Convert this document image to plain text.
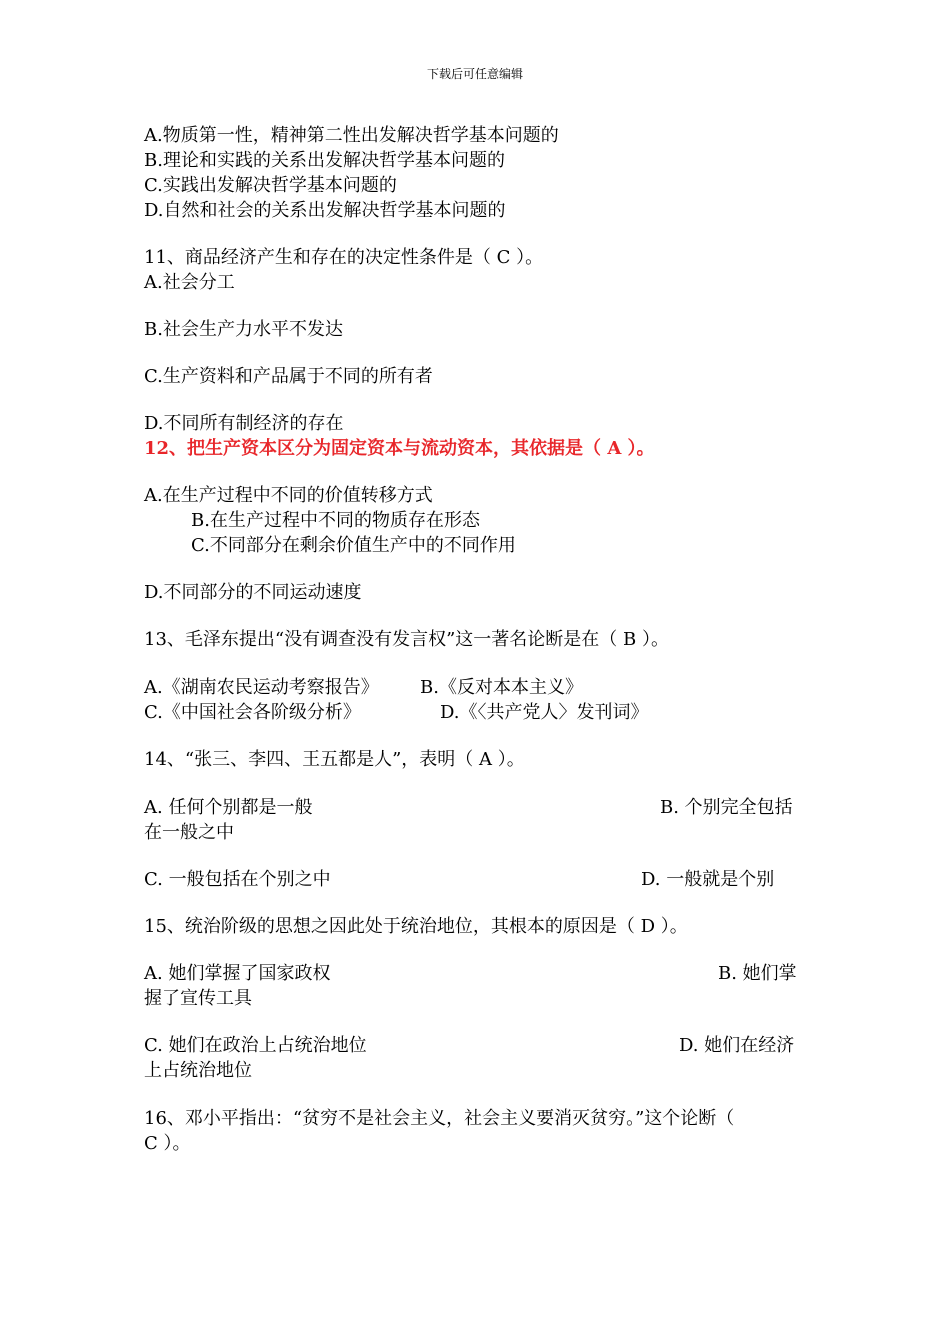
下载后可任意编辑
A.物质第一性，精神第二性出发解决哲学基本问题的
B.理论和实践的关系出发解决哲学基本问题的
C.实践出发解决哲学基本问题的
D.自然和社会的关系出发解决哲学基本问题的
11、商品经济产生和存在的决定性条件是（ C ）。
A.社会分工
B.社会生产力水平不发达
C.生产资料和产品属于不同的所有者
D.不同所有制经济的存在
12、把生产资本区分为固定资本与流动资本，其依据是（ A ）。
A.在生产过程中不同的价值转移方式
B.在生产过程中不同的物质存在形态
C.不同部分在剩余价值生产中的不同作用
D.不同部分的不同运动速度
13、毛泽东提出“没有调查没有发言权”这一著名论断是在（ B ）。
A.《湖南农民运动考察报告》 B.《反对本本主义》
C.《中国社会各阶级分析》	D.《〈共产党人〉发刊词》
14、“张三、李四、王五都是人”，表明（ A ）。
A. 任何个别都是一般	B. 个别完全包括
在一般之中
C. 一般包括在个别之中	D. 一般就是个别
15、统治阶级的思想之因此处于统治地位，其根本的原因是（ D ）。
A. 她们掌握了国家政权	B. 她们掌
握了宣传工具
C. 她们在政治上占统治地位	D. 她们在经济
上占统治地位
16、邓小平指出：“贫穷不是社会主义，社会主义要消灭贫穷。”这个论断（
C ）。
